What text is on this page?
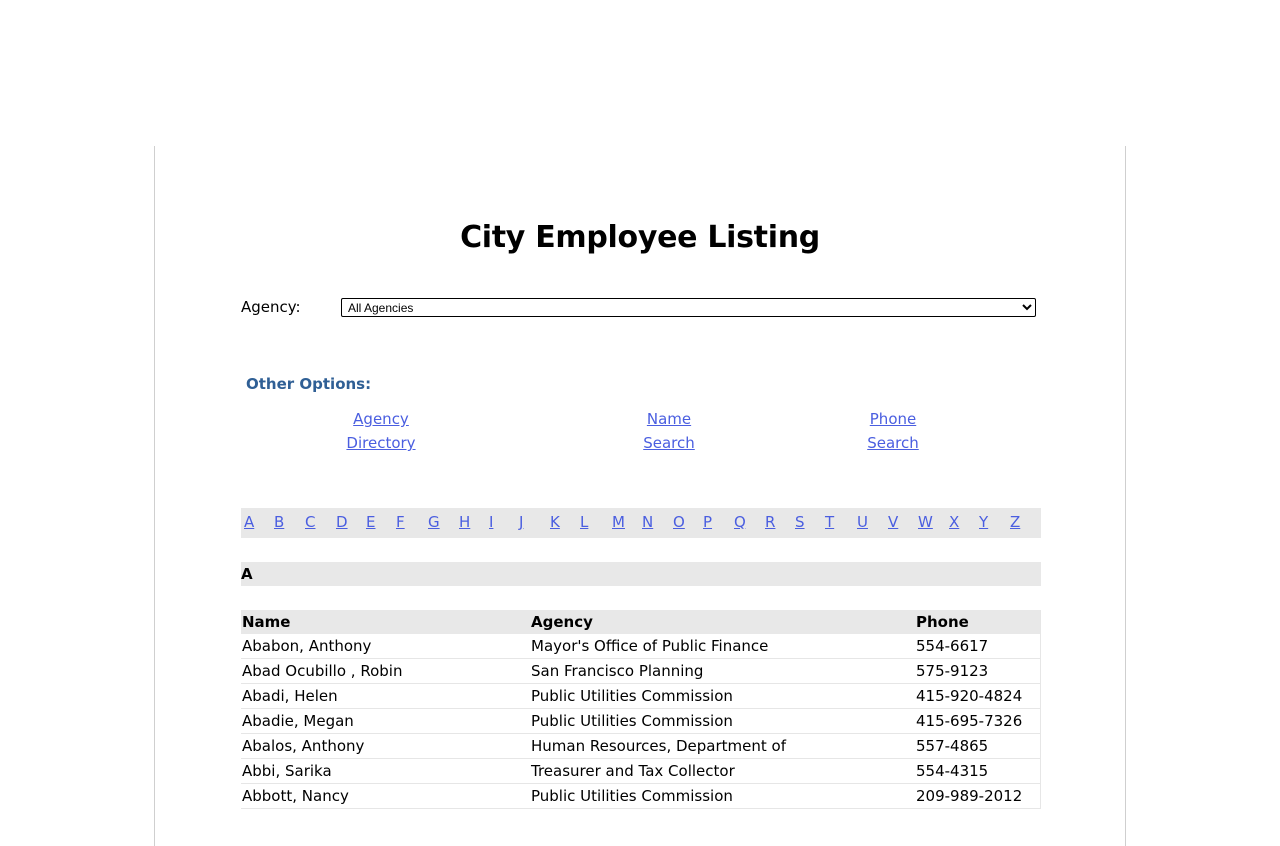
City Employee Listing
Agency:
All Agencies
Other Options:
Agency
Directory
Name
Search
Phone
Search
A B C D E F G H I J K L M N O P Q R S T U V W X Y Z
A
Name	Agency	Phone
Ababon, Anthony	Mayor's Office of Public Finance	554-6617
Abad Ocubillo , Robin	San Francisco Planning	575-9123
Abadi, Helen	Public Utilities Commission	415-920-4824
Abadie, Megan	Public Utilities Commission	415-695-7326
Abalos, Anthony	Human Resources, Department of	557-4865
Abbi, Sarika	Treasurer and Tax Collector	554-4315
Abbott, Nancy	Public Utilities Commission	209-989-2012
